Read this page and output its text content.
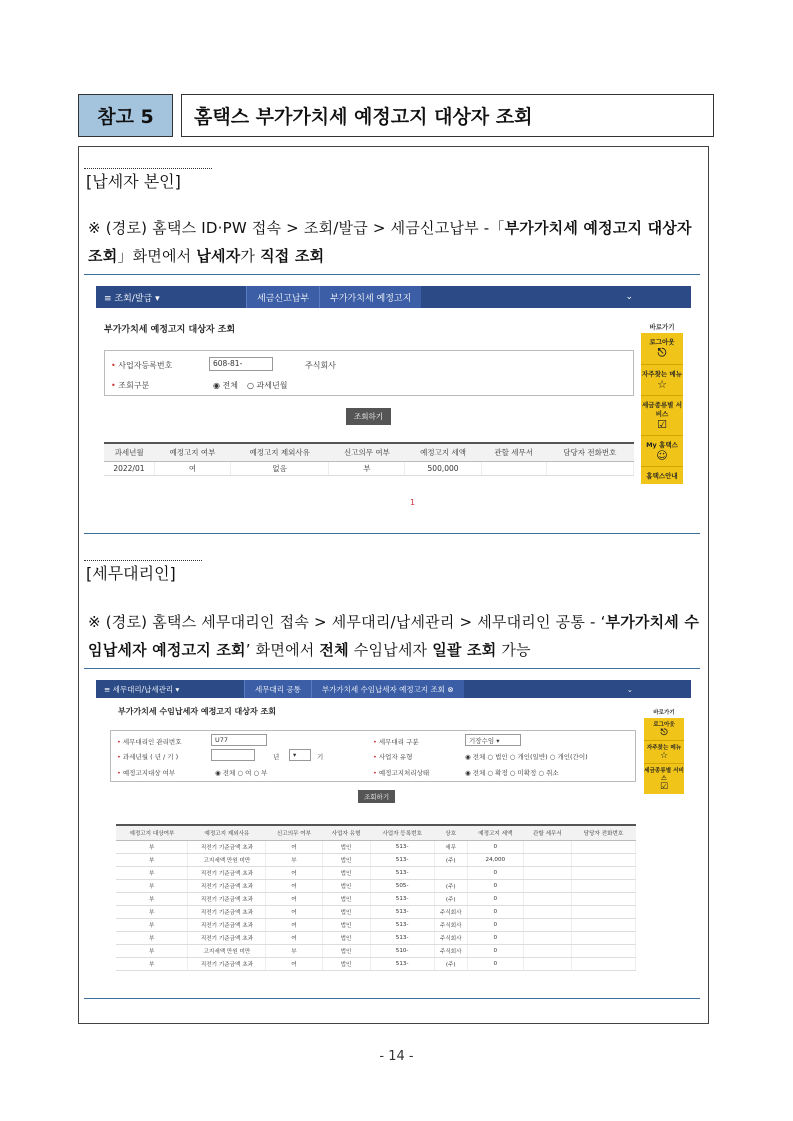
참고 5	홈택스 부가가치세 예정고지 대상자 조회
[납세자 본인]
※ (경로) 홈택스 ID·PW 접속 > 조회/발급 > 세금신고납부 -「부가가치세 예정고지 대상자 조회」화면에서 납세자가 직접 조회
≡ 조회/발급 ▾	세금신고납부	부가가치세 예정고지	⌄
부가가치세 예정고지 대상자 조회
• 사업자등록번호	608-81-	주식회사
• 조회구분	◉ 전체 ○ 과세년월
조회하기
과세년월	예정고지 여부	예정고지 제외사유	신고의무 여부	예정고지 세액	관할 세무서	담당자 전화번호
2022/01	여	없음	부	500,000		
1
바로가기
로그아웃
⎋
자주찾는 메뉴
☆
세금종류별 서비스
☑
My 홈택스
☺
홈택스안내
[세무대리인]
※ (경로) 홈택스 세무대리인 접속 > 세무대리/납세관리 > 세무대리인 공통 - ‘부가가치세 수임납세자 예정고지 조회’ 화면에서 전체 수임납세자 일괄 조회 가능
≡ 세무대리/납세관리 ▾	세무대리 공통	부가가치세 수임납세자 예정고지 조회 ⊗	⌄
부가가치세 수임납세자 예정고지 대상자 조회
• 세무대리인 관리번호	U77	• 세무대리 구분	기장수임 ▾
• 과세년월 ( 년 / 기 )	년	▾	기	• 사업자 유형	◉ 전체 ○ 법인 ○ 개인(일반) ○ 개인(간이)
• 예정고지대상 여부	◉ 전체 ○ 여 ○ 부	• 예정고지처리상태	◉ 전체 ○ 확정 ○ 미확정 ○ 취소
조회하기
예정고지 대상여부	예정고지 제외사유	신고의무 여부	사업자 유형	사업자 등록번호	상호	예정고지 세액	관할 세무서	담당자 전화번호
부	직전기 기준금액 초과	여	법인	513-	세무	0		
부	고지세액 만원 미만	부	법인	513-	(주)	24,000		
부	직전기 기준금액 초과	여	법인	513-		0		
부	직전기 기준금액 초과	여	법인	505-	(주)	0		
부	직전기 기준금액 초과	여	법인	513-	(주)	0		
부	직전기 기준금액 초과	여	법인	513-	주식회사	0		
부	직전기 기준금액 초과	여	법인	513-	주식회사	0		
부	직전기 기준금액 초과	여	법인	513-	주식회사	0		
부	고지세액 만원 미만	부	법인	510-	주식회사	0		
부	직전기 기준금액 초과	여	법인	513-	(주)	0		
바로가기
로그아웃
⎋
자주찾는 메뉴
☆
세금종류별 서비스
☑
- 14 -
